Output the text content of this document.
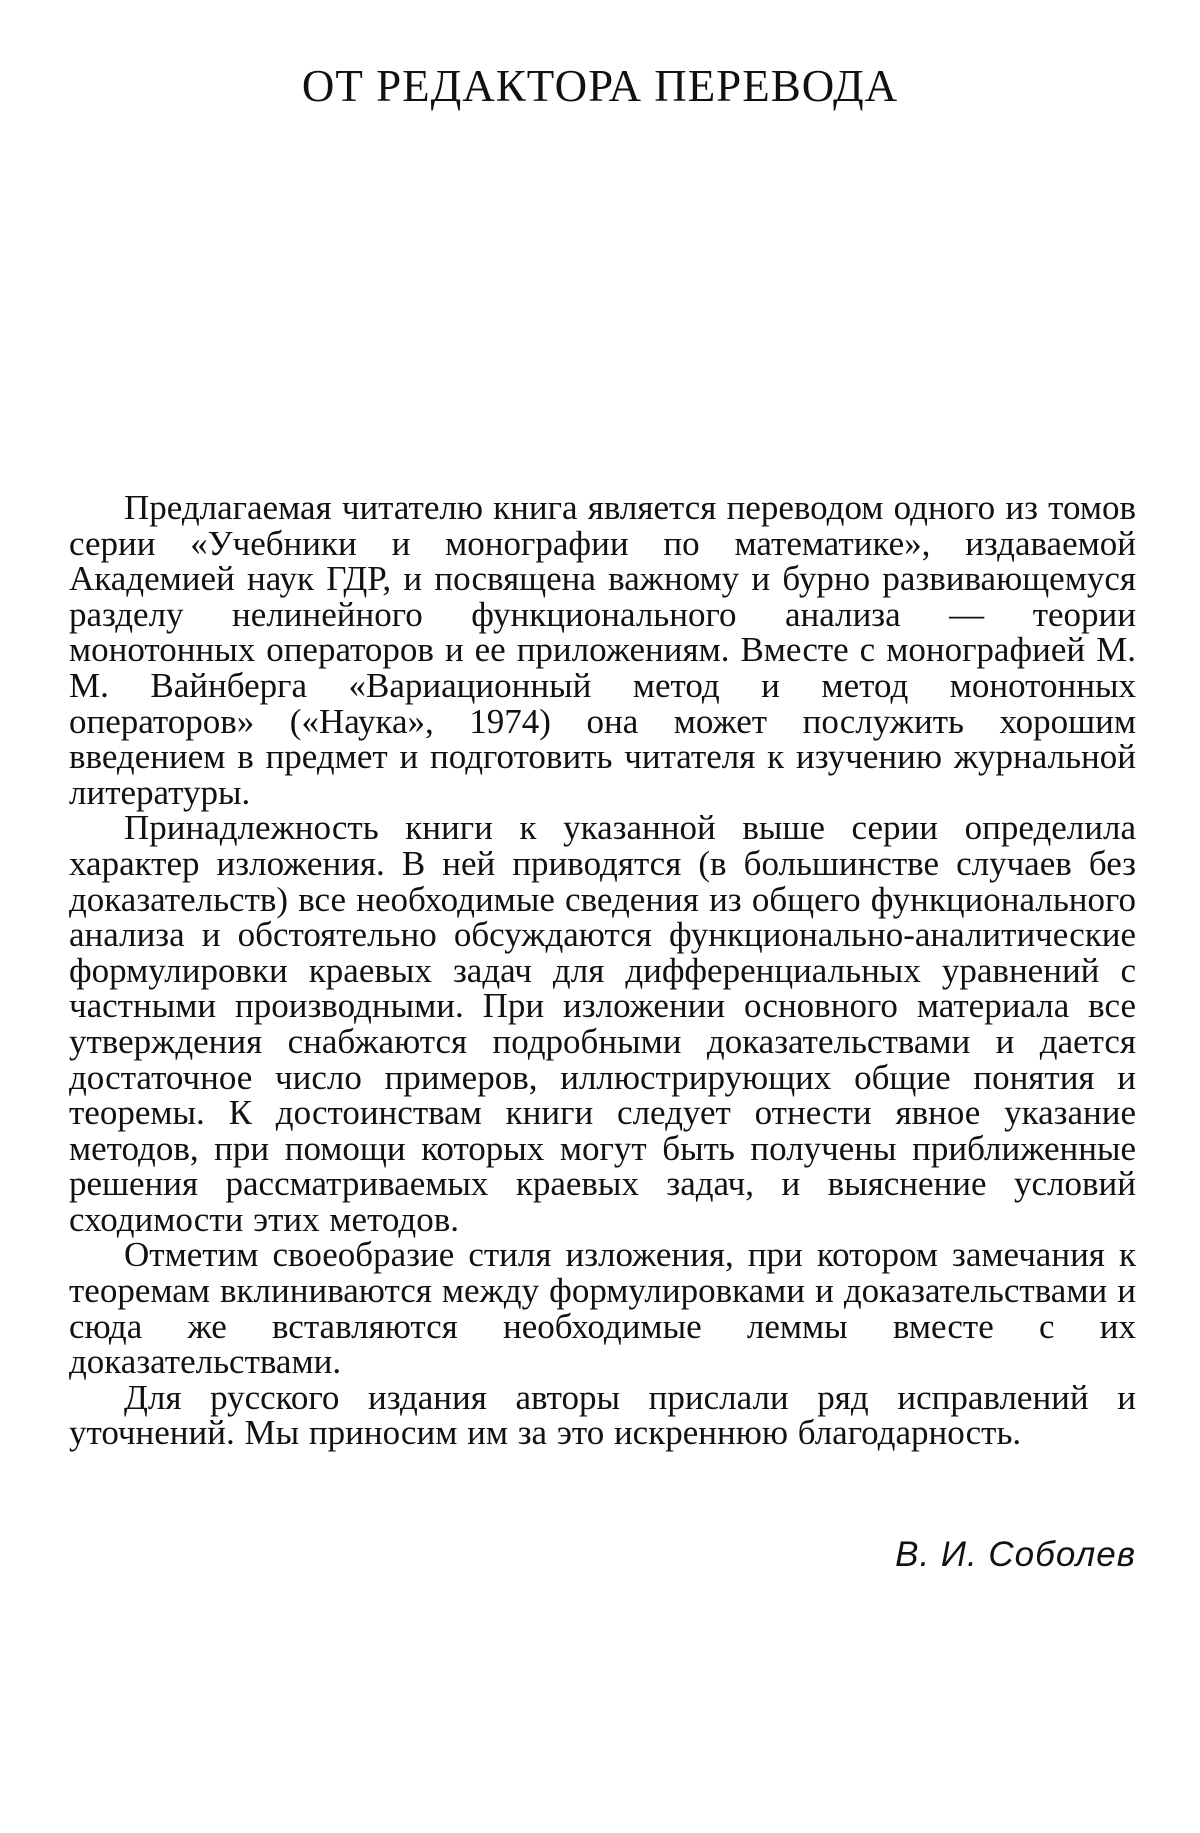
ОТ РЕДАКТОРА ПЕРЕВОДА

Предлагаемая читателю книга является переводом одного из томов серии «Учебники и монографии по математике», издаваемой Академией наук ГДР, и посвящена важному и бурно развивающемуся разделу нелинейного функционального анализа — теории монотонных операторов и ее приложениям. Вместе с монографией М. М. Вайнберга «Вариационный метод и метод монотонных операторов» («Наука», 1974) она может послужить хорошим введением в предмет и подготовить читателя к изучению журнальной литературы.

Принадлежность книги к указанной выше серии определила характер изложения. В ней приводятся (в большинстве случаев без доказательств) все необходимые сведения из общего функционального анализа и обстоятельно обсуждаются функционально-аналитические формулировки краевых задач для дифференциальных уравнений с частными производными. При изложении основного материала все утверждения снабжаются подробными доказательствами и дается достаточное число примеров, иллюстрирующих общие понятия и теоремы. К достоинствам книги следует отнести явное указание методов, при помощи которых могут быть получены приближенные решения рассматриваемых краевых задач, и выяснение условий сходимости этих методов.

Отметим своеобразие стиля изложения, при котором замечания к теоремам вклиниваются между формулировками и доказательствами и сюда же вставляются необходимые леммы вместе с их доказательствами.

Для русского издания авторы прислали ряд исправлений и уточнений. Мы приносим им за это искреннюю благодарность.

В. И. Соболев
